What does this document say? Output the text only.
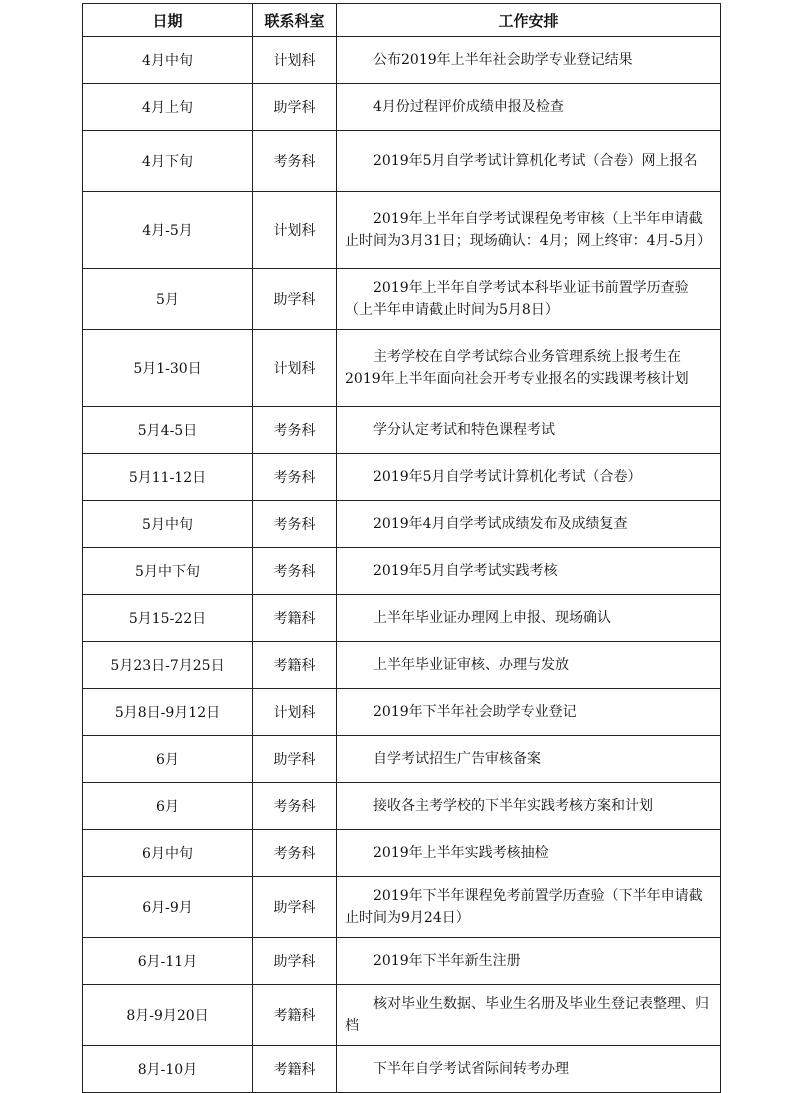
日期	联系科室	工作安排
4月中旬	计划科	公布2019年上半年社会助学专业登记结果

4月上旬	助学科	4月份过程评价成绩申报及检查

4月下旬	考务科	2019年5月自学考试计算机化考试（合卷）网上报名

4月-5月	计划科	2019年上半年自学考试课程免考审核（上半年申请截止时间为3月31日；现场确认：4月；网上终审：4月-5月）

5月	助学科	2019年上半年自学考试本科毕业证书前置学历查验（上半年申请截止时间为5月8日）

5月1-30日	计划科	主考学校在自学考试综合业务管理系统上报考生在2019年上半年面向社会开考专业报名的实践课考核计划

5月4-5日	考务科	学分认定考试和特色课程考试

5月11-12日	考务科	2019年5月自学考试计算机化考试（合卷）

5月中旬	考务科	2019年4月自学考试成绩发布及成绩复查

5月中下旬	考务科	2019年5月自学考试实践考核

5月15-22日	考籍科	上半年毕业证办理网上申报、现场确认

5月23日-7月25日	考籍科	上半年毕业证审核、办理与发放

5月8日-9月12日	计划科	2019年下半年社会助学专业登记

6月	助学科	自学考试招生广告审核备案

6月	考务科	接收各主考学校的下半年实践考核方案和计划

6月中旬	考务科	2019年上半年实践考核抽检

6月-9月	助学科	2019年下半年课程免考前置学历查验（下半年申请截止时间为9月24日）

6月-11月	助学科	2019年下半年新生注册

8月-9月20日	考籍科	核对毕业生数据、毕业生名册及毕业生登记表整理、归档

8月-10月	考籍科	下半年自学考试省际间转考办理
